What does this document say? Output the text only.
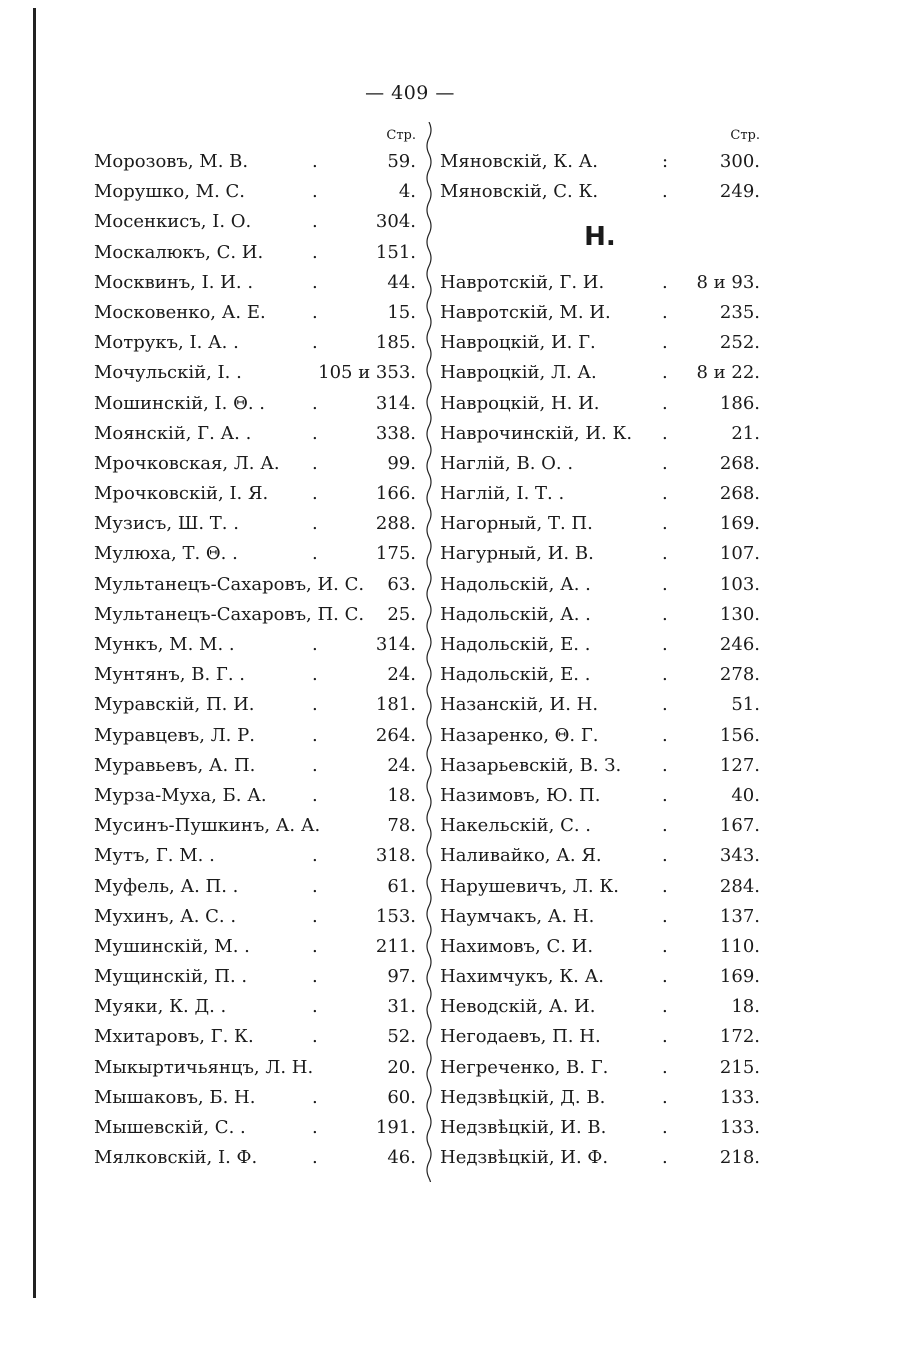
— 409 —
Стр.
Морозовъ, М. В.	.	59.
Морушко, М. С.	.	4.
Мосенкисъ, І. О.	.	304.
Москалюкъ, С. И.	.	151.
Москвинъ, І. И. .	.	44.
Московенко, А. Е.	.	15.
Мотрукъ, І. А. .	.	185.
Мочульскій, І. .	105 и 353.
Мошинскій, І. Θ. .	.	314.
Моянскій, Г. А. .	.	338.
Мрочковская, Л. А. .	99.
Мрочковскій, І. Я. .	166.
Музисъ, Ш. Т. .	.	288.
Мулюха, Т. Θ. .	.	175.
Мультанецъ-Сахаровъ, И. С. 63.
Мультанецъ-Сахаровъ, П. С. 25.
Мункъ, М. М. .	.	314.
Мунтянъ, В. Г. .	.	24.
Муравскій, П. И.	.	181.
Муравцевъ, Л. Р.	.	264.
Муравьевъ, А. П.	.	24.
Мурза-Муха, Б. А.	.	18.
Мусинъ-Пушкинъ, А. А.	78.
Мутъ, Г. М. .	.	318.
Муфель, А. П. .	.	61.
Мухинъ, А. С. .	.	153.
Мушинскій, М. .	.	211.
Мущинскій, П. .	.	97.
Муяки, К. Д. .	.	31.
Мхитаровъ, Г. К.	.	52.
Мыкыртичьянцъ, Л. Н.	20.
Мышаковъ, Б. Н.	.	60.
Мышевскій, С. .	.	191.
Мялковскій, І. Ф.	.	46.
Стр.
Мяновскій, К. А.	:	300.
Мяновскій, С. К.	.	249.
Н.
Навротскій, Г. И.	. 8 и 93.
Навротскій, М. И.	.	235.
Навроцкій, И. Г.	.	252.
Навроцкій, Л. А.	. 8 и 22.
Навроцкій, Н. И.	.	186.
Наврочинскій, И. К. .	21.
Наглій, В. О. .	.	268.
Наглій, І. Т. .	.	268.
Нагорный, Т. П.	.	169.
Нагурный, И. В.	.	107.
Надольскій, А. .	.	103.
Надольскій, А. .	.	130.
Надольскій, Е. .	.	246.
Надольскій, Е. .	.	278.
Назанскій, И. Н.	.	51.
Назаренко, Θ. Г.	.	156.
Назарьевскій, В. З. .	127.
Назимовъ, Ю. П.	.	40.
Накельскій, С. .	.	167.
Наливайко, А. Я.	.	343.
Нарушевичъ, Л. К. .	284.
Наумчакъ, А. Н.	.	137.
Нахимовъ, С. И.	.	110.
Нахимчукъ, К. А.	.	169.
Неводскій, А. И.	.	18.
Негодаевъ, П. Н.	.	172.
Негреченко, В. Г.	.	215.
Недзвѣцкій, Д. В.	.	133.
Недзвѣцкій, И. В.	.	133.
Недзвѣцкій, И. Ф.	.	218.
